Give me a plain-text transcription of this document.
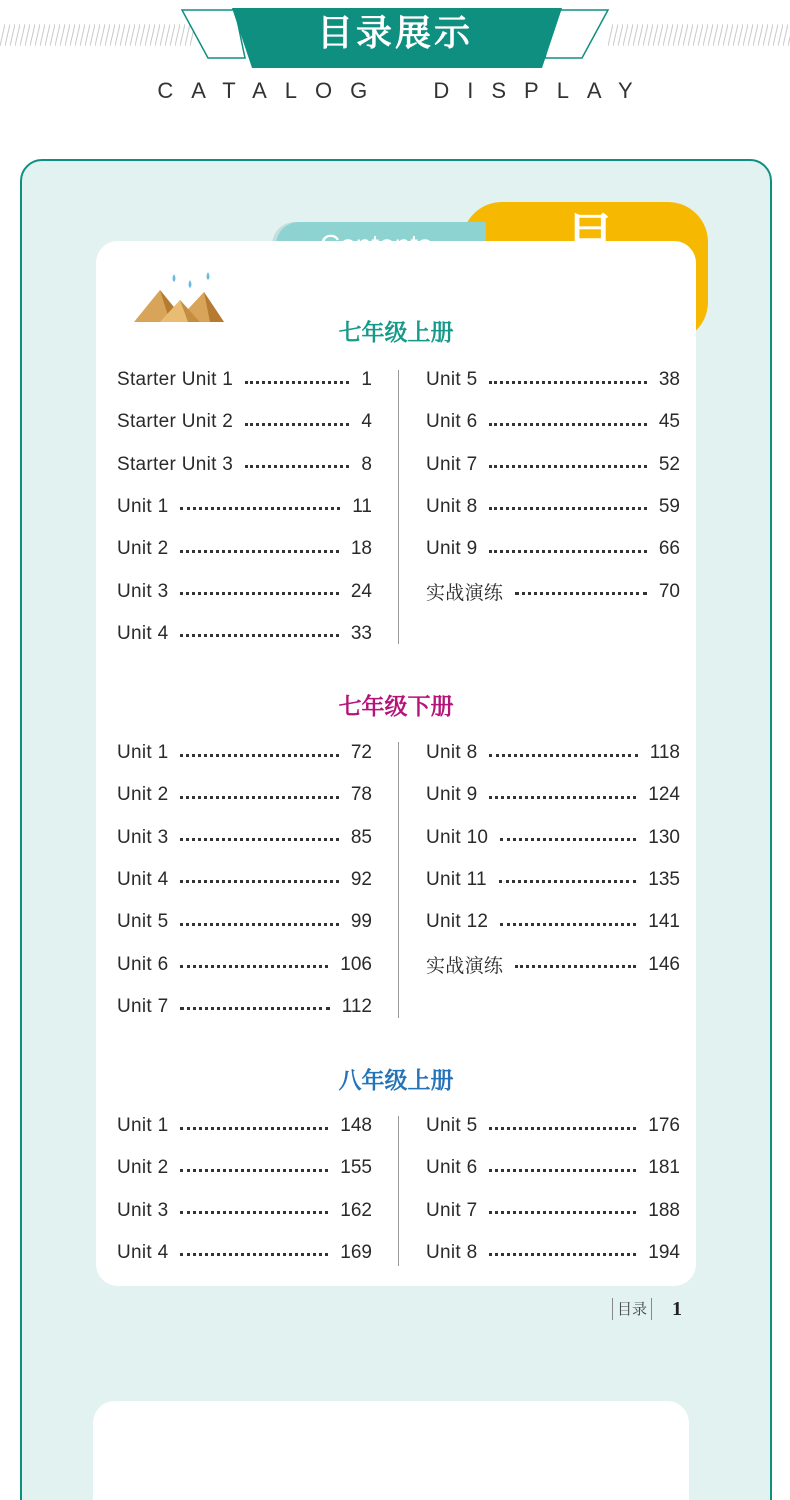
目录展示
CATALOG DISPLAY
目录
七年级上册
七年级下册
八年级上册
Starter Unit 1	1
Starter Unit 2	4
Starter Unit 3	8
Unit 1	11
Unit 2	18
Unit 3	24
Unit 4	33
Unit 5	38
Unit 6	45
Unit 7	52
Unit 8	59
Unit 9	66
实战演练	70
Unit 1	72
Unit 2	78
Unit 3	85
Unit 4	92
Unit 5	99
Unit 6	106
Unit 7	112
Unit 8	118
Unit 9	124
Unit 10	130
Unit 11	135
Unit 12	141
实战演练	146
Unit 1	148
Unit 2	155
Unit 3	162
Unit 4	169
Unit 5	176
Unit 6	181
Unit 7	188
Unit 8	194
目录 1
